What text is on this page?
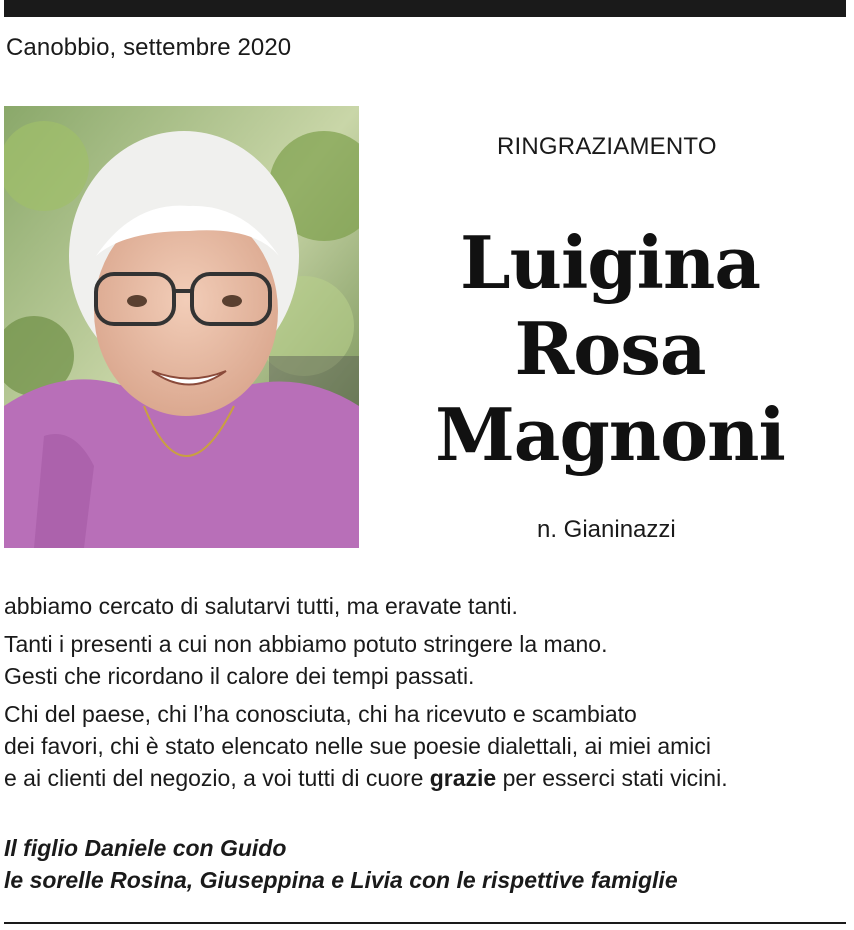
Canobbio, settembre 2020
RINGRAZIAMENTO
Luigina
Rosa
Magnoni
n. Gianinazzi

abbiamo cercato di salutarvi tutti, ma eravate tanti.

Tanti i presenti a cui non abbiamo potuto stringere la mano.
Gesti che ricordano il calore dei tempi passati.

Chi del paese, chi l’ha conosciuta, chi ha ricevuto e scambiato
dei favori, chi è stato elencato nelle sue poesie dialettali, ai miei amici
e ai clienti del negozio, a voi tutti di cuore grazie per esserci stati vicini.

Il figlio Daniele con Guido
le sorelle Rosina, Giuseppina e Livia con le rispettive famiglie
